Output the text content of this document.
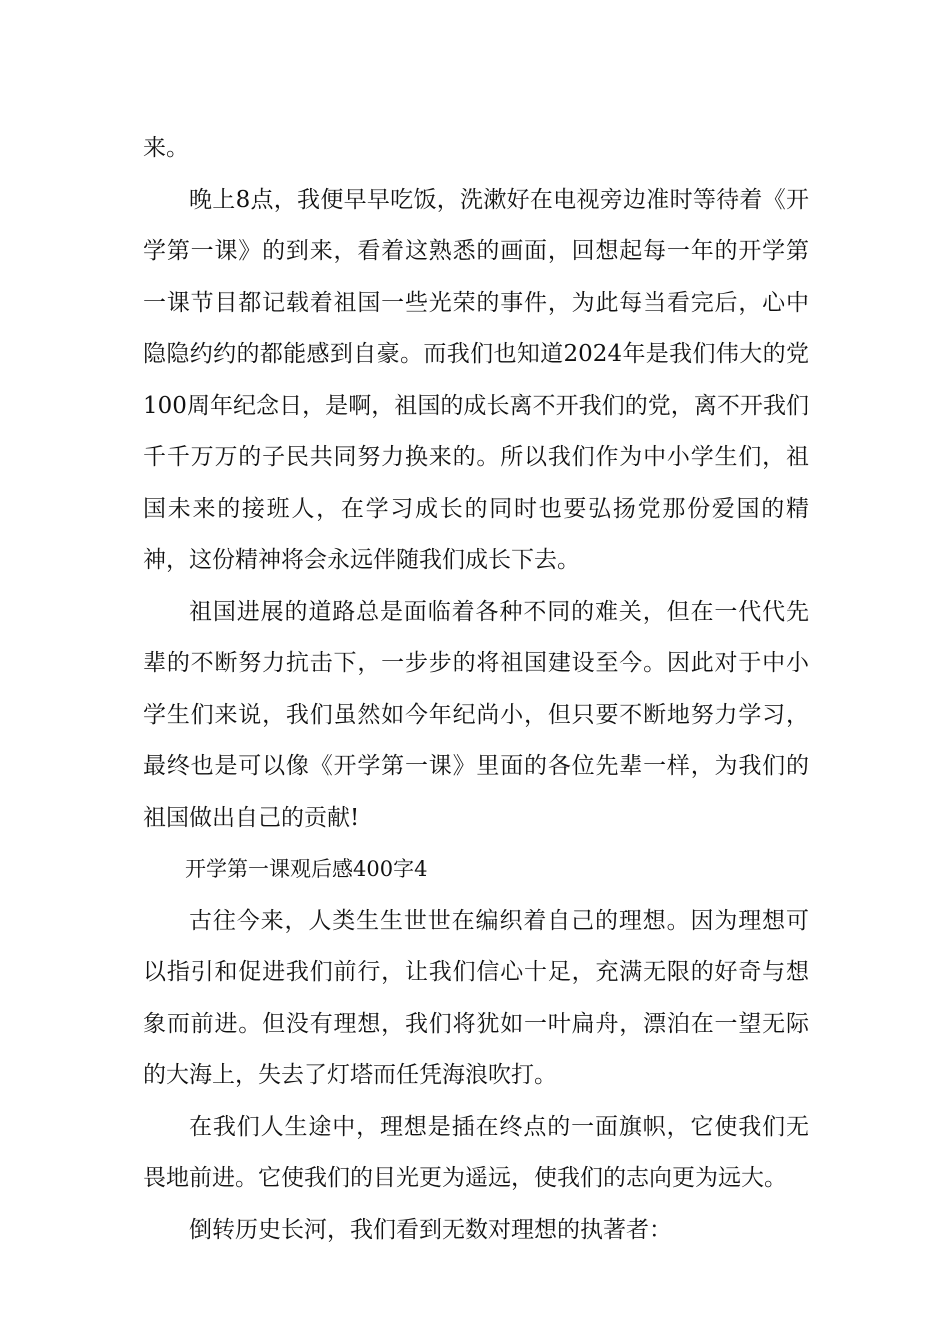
来。

晚上8点，我便早早吃饭，洗漱好在电视旁边准时等待着《开学第一课》的到来，看着这熟悉的画面，回想起每一年的开学第一课节目都记载着祖国一些光荣的事件，为此每当看完后，心中隐隐约约的都能感到自豪。而我们也知道2024年是我们伟大的党100周年纪念日，是啊，祖国的成长离不开我们的党，离不开我们千千万万的子民共同努力换来的。所以我们作为中小学生们，祖国未来的接班人，在学习成长的同时也要弘扬党那份爱国的精神，这份精神将会永远伴随我们成长下去。

祖国进展的道路总是面临着各种不同的难关，但在一代代先辈的不断努力抗击下，一步步的将祖国建设至今。因此对于中小学生们来说，我们虽然如今年纪尚小，但只要不断地努力学习，最终也是可以像《开学第一课》里面的各位先辈一样，为我们的祖国做出自己的贡献!

开学第一课观后感400字4

古往今来，人类生生世世在编织着自己的理想。因为理想可以指引和促进我们前行，让我们信心十足，充满无限的好奇与想象而前进。但没有理想，我们将犹如一叶扁舟，漂泊在一望无际的大海上，失去了灯塔而任凭海浪吹打。

在我们人生途中，理想是插在终点的一面旗帜，它使我们无畏地前进。它使我们的目光更为遥远，使我们的志向更为远大。

倒转历史长河，我们看到无数对理想的执著者：
